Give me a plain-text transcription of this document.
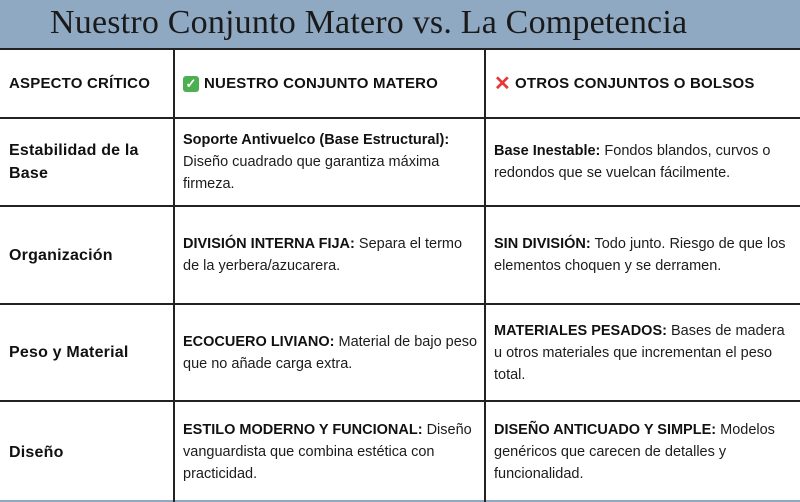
Nuestro Conjunto Matero vs. La Competencia
ASPECTO CRÍTICO	✓ NUESTRO CONJUNTO MATERO	✕ OTROS CONJUNTOS O BOLSOS
Estabilidad de la Base
Soporte Antivuelco (Base Estructural): Diseño cuadrado que garantiza máxima firmeza.
Base Inestable: Fondos blandos, curvos o redondos que se vuelcan fácilmente.
Organización
DIVISIÓN INTERNA FIJA: Separa el termo de la yerbera/azucarera.
SIN DIVISIÓN: Todo junto. Riesgo de que los elementos choquen y se derramen.
Peso y Material
ECOCUERO LIVIANO: Material de bajo peso que no añade carga extra.
MATERIALES PESADOS: Bases de madera u otros materiales que incrementan el peso total.
Diseño
ESTILO MODERNO Y FUNCIONAL: Diseño vanguardista que combina estética con practicidad.
DISEÑO ANTICUADO Y SIMPLE: Modelos genéricos que carecen de detalles y funcionalidad.
